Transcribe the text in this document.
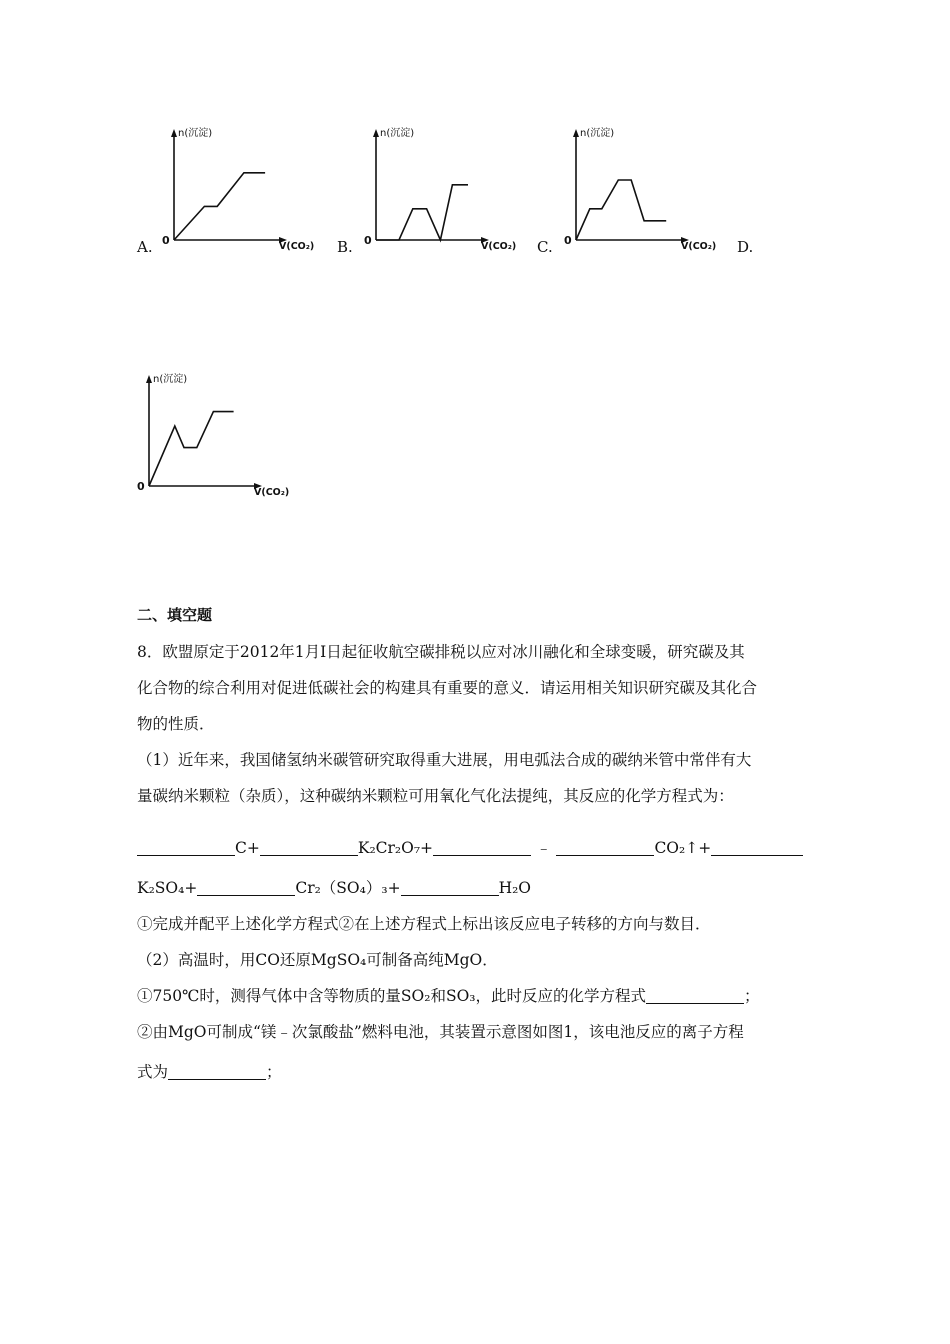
n(沉淀)
0	V(CO₂)
A.
n(沉淀)
0	V(CO₂)
B.
n(沉淀)
0	V(CO₂)
C.	D.
n(沉淀)
0	V(CO₂)
二、填空题
8．欧盟原定于2012年1月I日起征收航空碳排税以应对冰川融化和全球变暖，研究碳及其
化合物的综合利用对促进低碳社会的构建具有重要的意义．请运用相关知识研究碳及其化合
物的性质．
（1）近年来，我国储氢纳米碳管研究取得重大进展，用电弧法合成的碳纳米管中常伴有大
量碳纳米颗粒（杂质），这种碳纳米颗粒可用氧化气化法提纯，其反应的化学方程式为：
C+	K₂Cr₂O₇+	﹣	CO₂↑+
K₂SO₄+	Cr₂（SO₄）₃+	H₂O
①完成并配平上述化学方程式②在上述方程式上标出该反应电子转移的方向与数目．
（2）高温时，用CO还原MgSO₄可制备高纯MgO．
①750℃时，测得气体中含等物质的量SO₂和SO₃，此时反应的化学方程式	；
②由MgO可制成“镁﹣次氯酸盐”燃料电池，其装置示意图如图1，该电池反应的离子方程
式为	；
